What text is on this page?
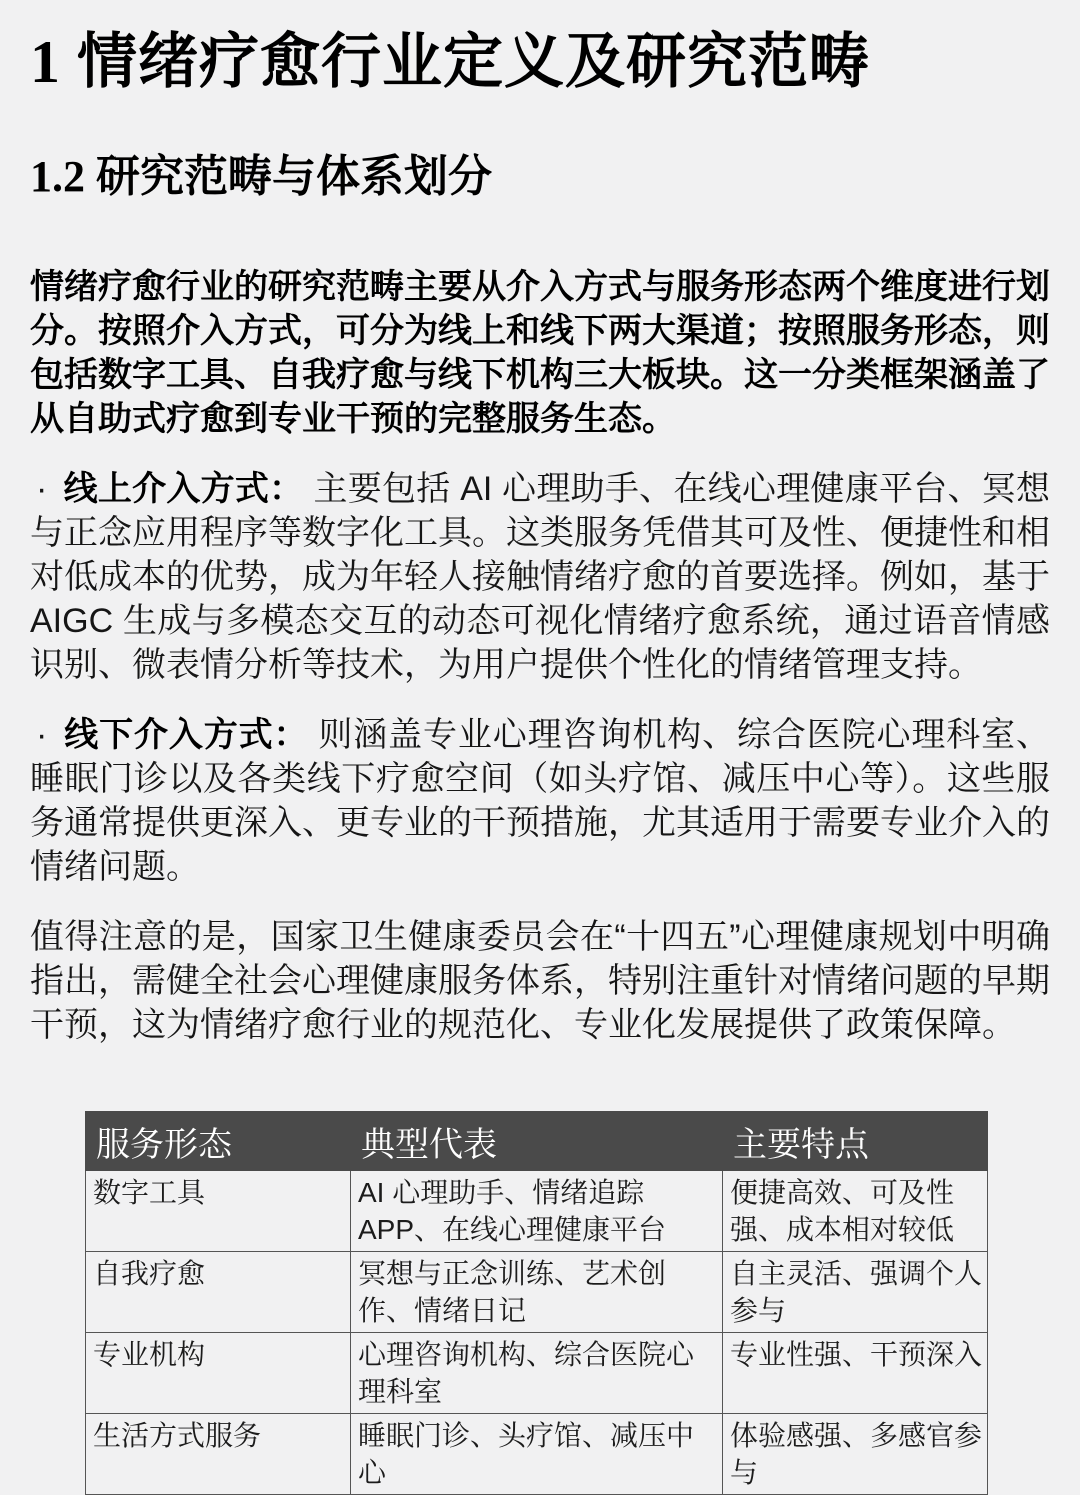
1 情绪疗愈行业定义及研究范畴
1.2 研究范畴与体系划分

情绪疗愈行业的研究范畴主要从介入方式与服务形态两个维度进行划分。按照介入方式，可分为线上和线下两大渠道；按照服务形态，则包括数字工具、自我疗愈与线下机构三大板块。这一分类框架涵盖了从自助式疗愈到专业干预的完整服务生态。

· 线上介入方式： 主要包括 AI 心理助手、在线心理健康平台、冥想与正念应用程序等数字化工具。这类服务凭借其可及性、便捷性和相对低成本的优势，成为年轻人接触情绪疗愈的首要选择。例如，基于 AIGC 生成与多模态交互的动态可视化情绪疗愈系统，通过语音情感识别、微表情分析等技术，为用户提供个性化的情绪管理支持。

· 线下介入方式： 则涵盖专业心理咨询机构、综合医院心理科室、睡眠门诊以及各类线下疗愈空间（如头疗馆、减压中心等）。这些服务通常提供更深入、更专业的干预措施，尤其适用于需要专业介入的情绪问题。

值得注意的是，国家卫生健康委员会在“十四五”心理健康规划中明确指出，需健全社会心理健康服务体系，特别注重针对情绪问题的早期干预，这为情绪疗愈行业的规范化、专业化发展提供了政策保障。

服务形态	典型代表	主要特点
数字工具	AI 心理助手、情绪追踪 APP、在线心理健康平台	便捷高效、可及性强、成本相对较低
自我疗愈	冥想与正念训练、艺术创作、情绪日记	自主灵活、强调个人参与
专业机构	心理咨询机构、综合医院心理科室	专业性强、干预深入
生活方式服务	睡眠门诊、头疗馆、减压中心	体验感强、多感官参与
